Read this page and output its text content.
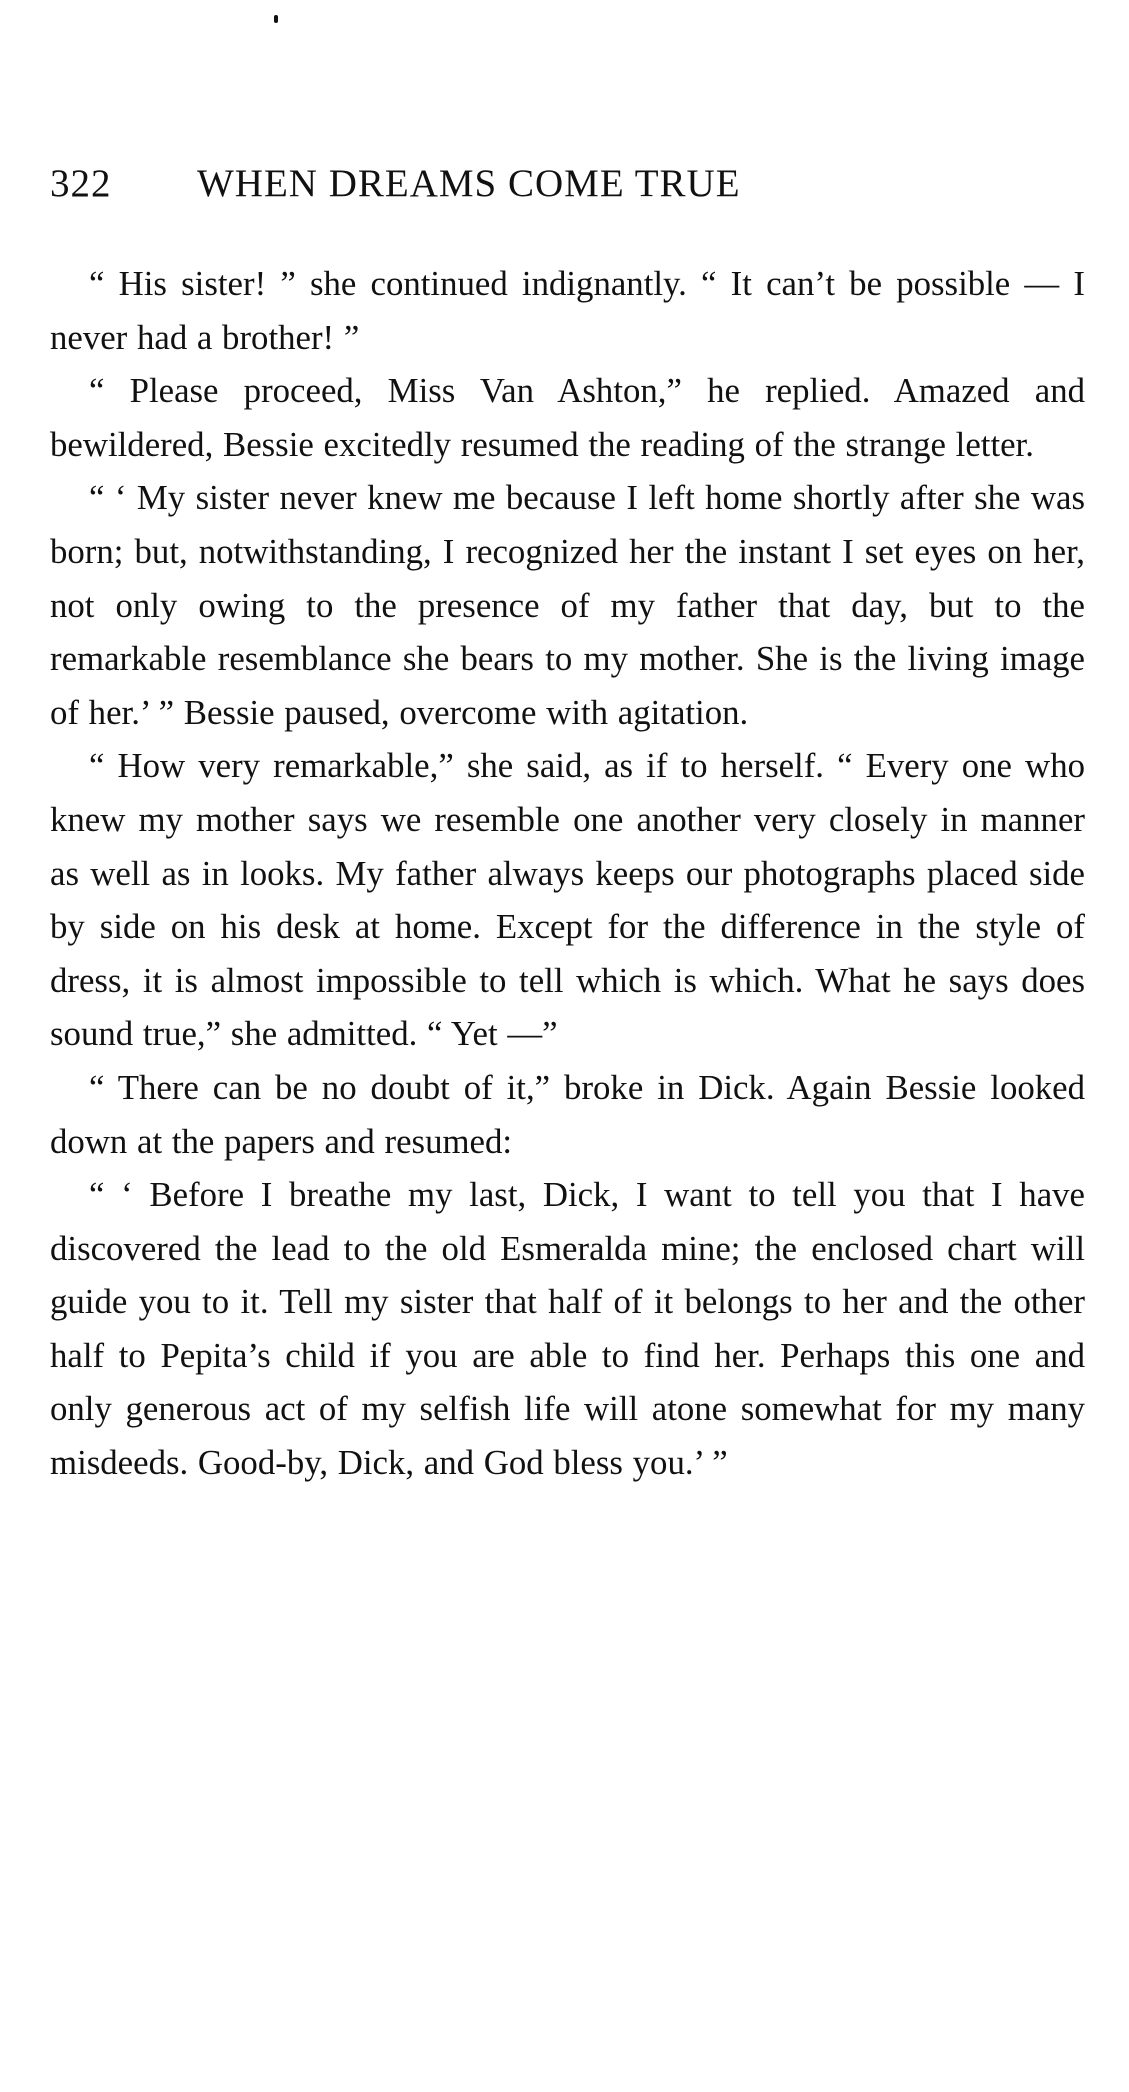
322 WHEN DREAMS COME TRUE

“ His sister! ” she continued indignantly. “ It can’t be possible — I never had a brother! ”

“ Please proceed, Miss Van Ashton,” he replied. Amazed and bewildered, Bessie excitedly resumed the reading of the strange letter.

“ ‘ My sister never knew me because I left home shortly after she was born; but, notwithstanding, I recognized her the instant I set eyes on her, not only owing to the presence of my father that day, but to the remarkable resemblance she bears to my mother. She is the living image of her.’ ” Bessie paused, overcome with agitation.

“ How very remarkable,” she said, as if to herself. “ Every one who knew my mother says we resemble one another very closely in manner as well as in looks. My father always keeps our photographs placed side by side on his desk at home. Except for the difference in the style of dress, it is almost impossible to tell which is which. What he says does sound true,” she admitted. “ Yet —”

“ There can be no doubt of it,” broke in Dick. Again Bessie looked down at the papers and resumed:

“ ‘ Before I breathe my last, Dick, I want to tell you that I have discovered the lead to the old Esmeralda mine; the enclosed chart will guide you to it. Tell my sister that half of it belongs to her and the other half to Pepita’s child if you are able to find her. Perhaps this one and only generous act of my selfish life will atone somewhat for my many misdeeds. Good-by, Dick, and God bless you.’ ”
